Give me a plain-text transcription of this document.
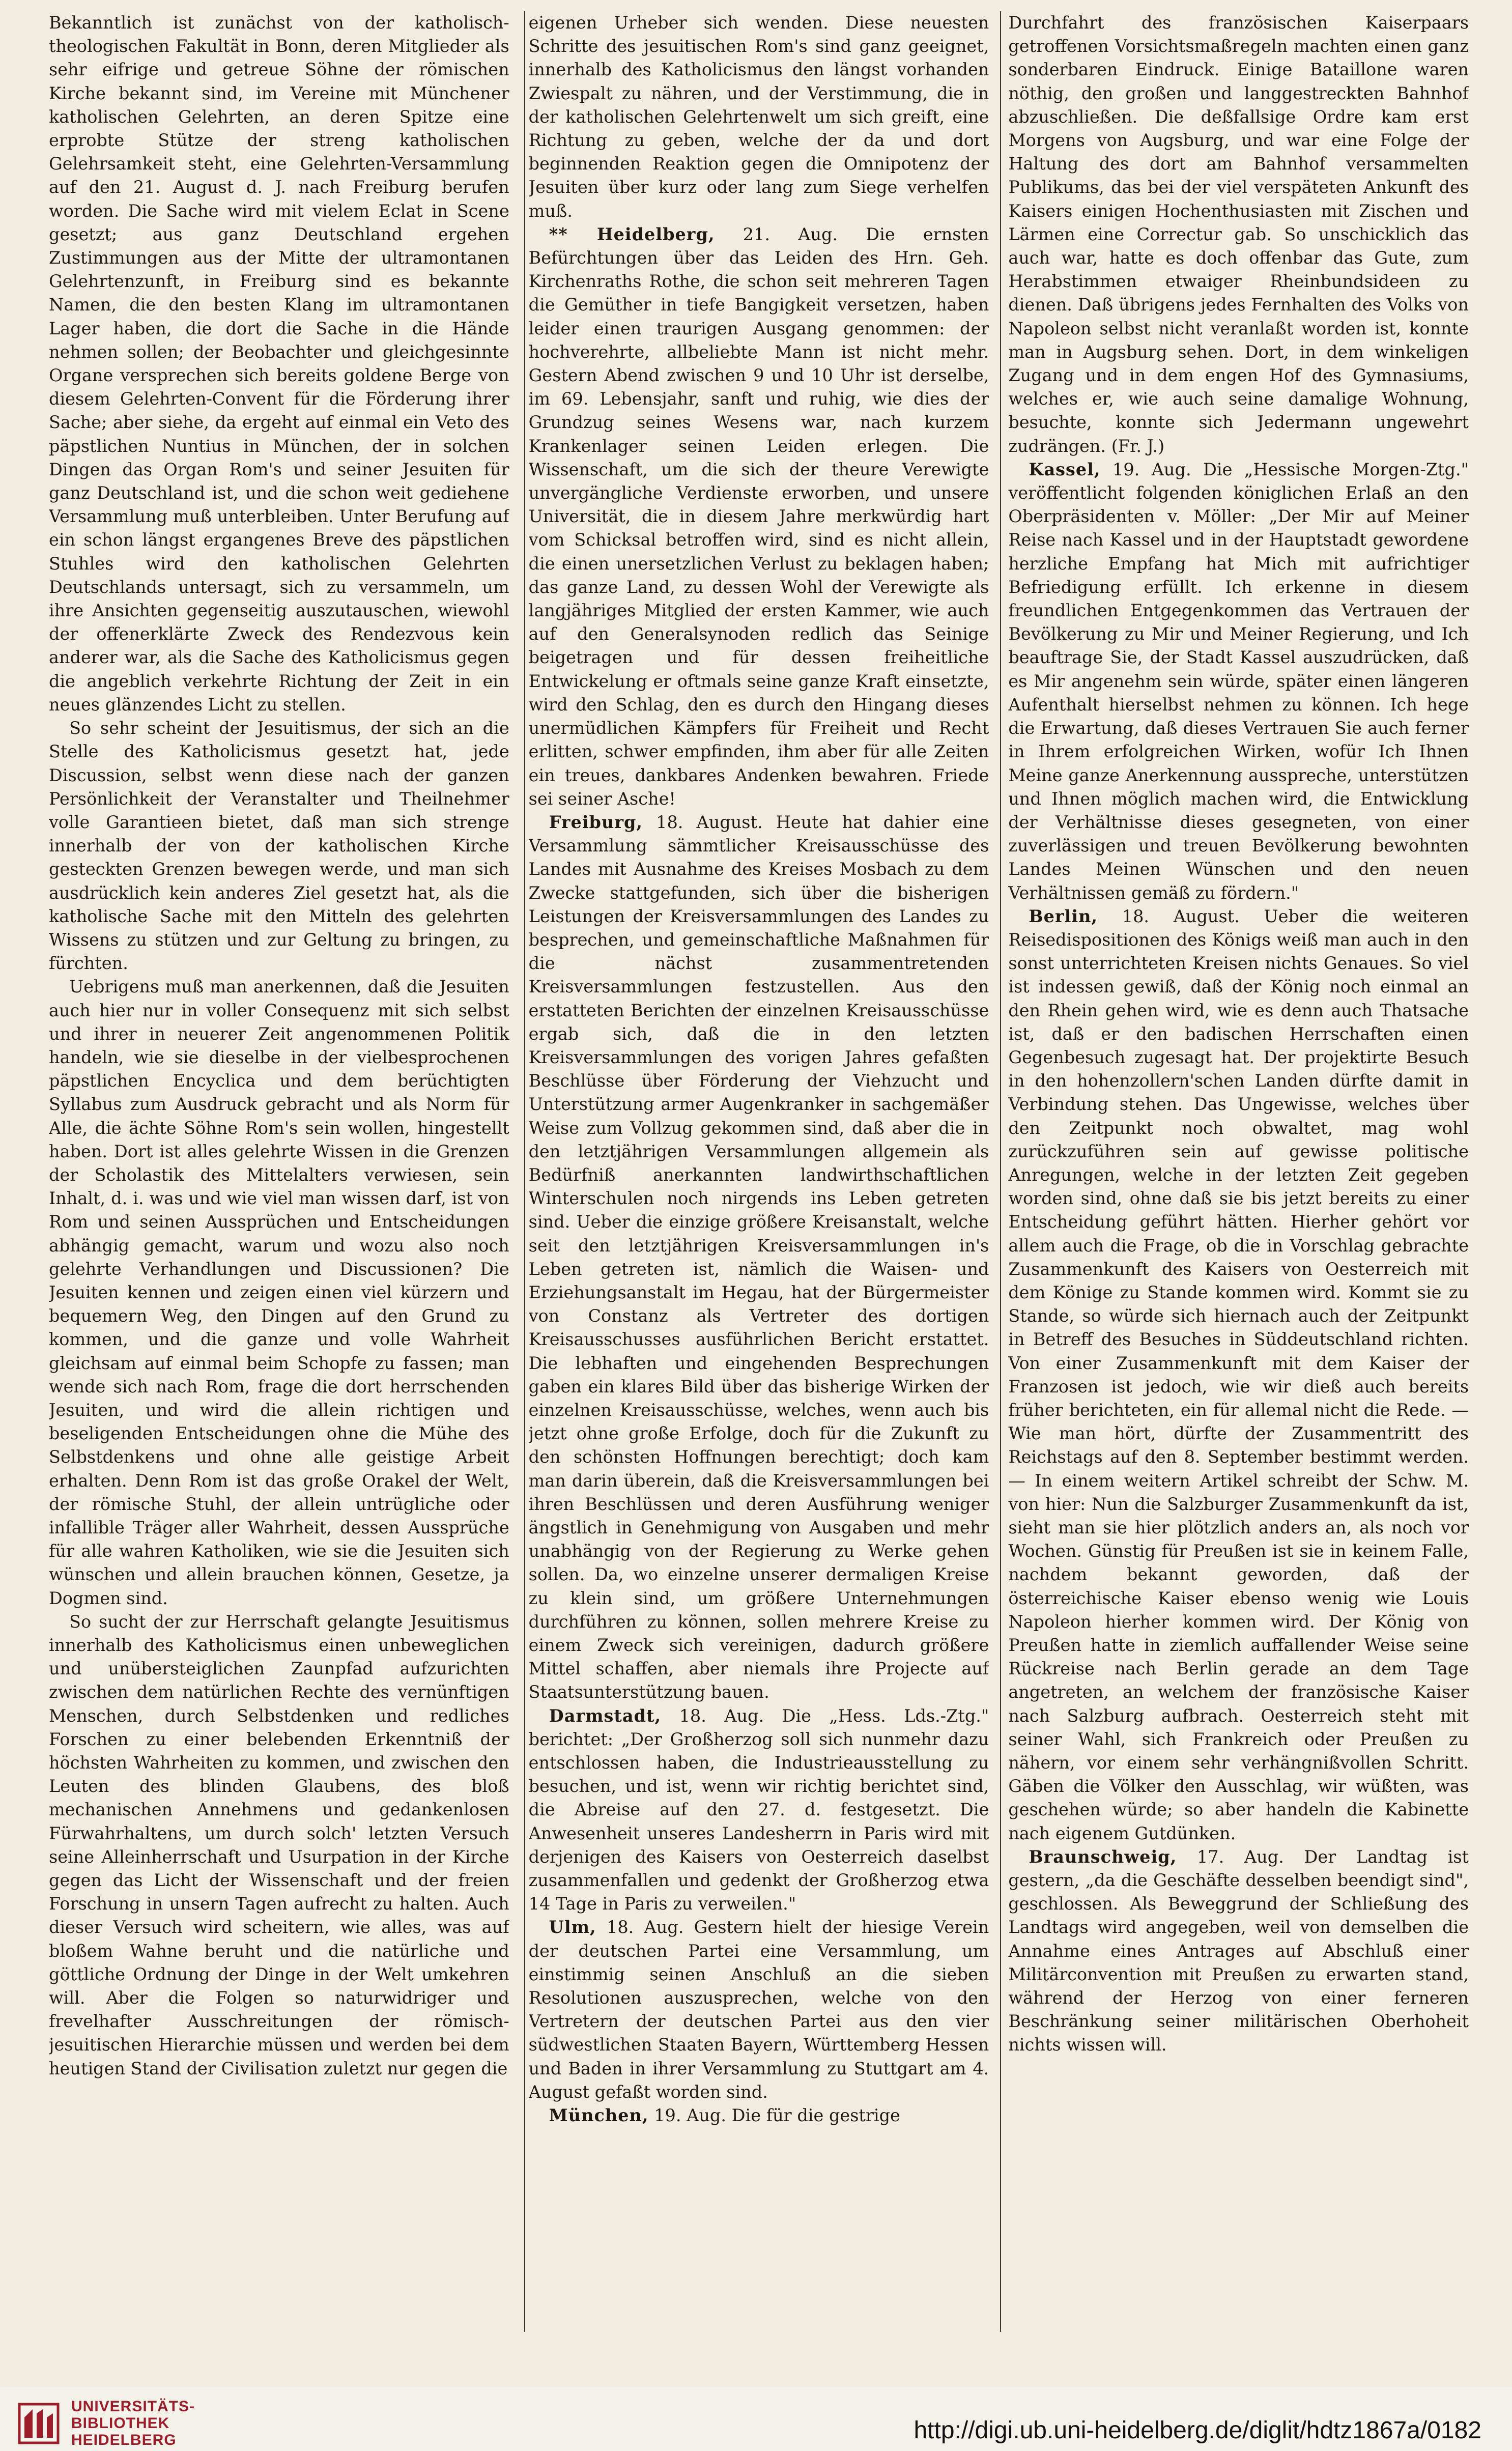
Bekanntlich ist zunächst von der katholisch-theologischen Fakultät in Bonn, deren Mitglieder als sehr eifrige und getreue Söhne der römischen Kirche bekannt sind, im Vereine mit Münchener katholischen Gelehrten, an deren Spitze eine erprobte Stütze der streng katholischen Gelehrsamkeit steht, eine Gelehrten-Versammlung auf den 21. August d. J. nach Freiburg berufen worden. Die Sache wird mit vielem Eclat in Scene gesetzt; aus ganz Deutschland ergehen Zustimmungen aus der Mitte der ultramontanen Gelehrtenzunft, in Freiburg sind es bekannte Namen, die den besten Klang im ultramontanen Lager haben, die dort die Sache in die Hände nehmen sollen; der Beobachter und gleichgesinnte Organe versprechen sich bereits goldene Berge von diesem Gelehrten-Convent für die Förderung ihrer Sache; aber siehe, da ergeht auf einmal ein Veto des päpstlichen Nuntius in München, der in solchen Dingen das Organ Rom's und seiner Jesuiten für ganz Deutschland ist, und die schon weit gediehene Versammlung muß unterbleiben. Unter Berufung auf ein schon längst ergangenes Breve des päpstlichen Stuhles wird den katholischen Gelehrten Deutschlands untersagt, sich zu versammeln, um ihre Ansichten gegenseitig auszutauschen, wiewohl der offenerklärte Zweck des Rendezvous kein anderer war, als die Sache des Katholicismus gegen die angeblich verkehrte Richtung der Zeit in ein neues glänzendes Licht zu stellen.

So sehr scheint der Jesuitismus, der sich an die Stelle des Katholicismus gesetzt hat, jede Discussion, selbst wenn diese nach der ganzen Persönlichkeit der Veranstalter und Theilnehmer volle Garantieen bietet, daß man sich strenge innerhalb der von der katholischen Kirche gesteckten Grenzen bewegen werde, und man sich ausdrücklich kein anderes Ziel gesetzt hat, als die katholische Sache mit den Mitteln des gelehrten Wissens zu stützen und zur Geltung zu bringen, zu fürchten.

Uebrigens muß man anerkennen, daß die Jesuiten auch hier nur in voller Consequenz mit sich selbst und ihrer in neuerer Zeit angenommenen Politik handeln, wie sie dieselbe in der vielbesprochenen päpstlichen Encyclica und dem berüchtigten Syllabus zum Ausdruck gebracht und als Norm für Alle, die ächte Söhne Rom's sein wollen, hingestellt haben. Dort ist alles gelehrte Wissen in die Grenzen der Scholastik des Mittelalters verwiesen, sein Inhalt, d. i. was und wie viel man wissen darf, ist von Rom und seinen Aussprüchen und Entscheidungen abhängig gemacht, warum und wozu also noch gelehrte Verhandlungen und Discussionen? Die Jesuiten kennen und zeigen einen viel kürzern und bequemern Weg, den Dingen auf den Grund zu kommen, und die ganze und volle Wahrheit gleichsam auf einmal beim Schopfe zu fassen; man wende sich nach Rom, frage die dort herrschenden Jesuiten, und wird die allein richtigen und beseligenden Entscheidungen ohne die Mühe des Selbstdenkens und ohne alle geistige Arbeit erhalten. Denn Rom ist das große Orakel der Welt, der römische Stuhl, der allein untrügliche oder infallible Träger aller Wahrheit, dessen Aussprüche für alle wahren Katholiken, wie sie die Jesuiten sich wünschen und allein brauchen können, Gesetze, ja Dogmen sind.

So sucht der zur Herrschaft gelangte Jesuitismus innerhalb des Katholicismus einen unbeweglichen und unübersteiglichen Zaunpfad aufzurichten zwischen dem natürlichen Rechte des vernünftigen Menschen, durch Selbstdenken und redliches Forschen zu einer belebenden Erkenntniß der höchsten Wahrheiten zu kommen, und zwischen den Leuten des blinden Glaubens, des bloß mechanischen Annehmens und gedankenlosen Fürwahrhaltens, um durch solch' letzten Versuch seine Alleinherrschaft und Usurpation in der Kirche gegen das Licht der Wissenschaft und der freien Forschung in unsern Tagen aufrecht zu halten. Auch dieser Versuch wird scheitern, wie alles, was auf bloßem Wahne beruht und die natürliche und göttliche Ordnung der Dinge in der Welt umkehren will. Aber die Folgen so naturwidriger und frevelhafter Ausschreitungen der römisch-jesuitischen Hierarchie müssen und werden bei dem heutigen Stand der Civilisation zuletzt nur gegen die

eigenen Urheber sich wenden. Diese neuesten Schritte des jesuitischen Rom's sind ganz geeignet, innerhalb des Katholicismus den längst vorhanden Zwiespalt zu nähren, und der Verstimmung, die in der katholischen Gelehrtenwelt um sich greift, eine Richtung zu geben, welche der da und dort beginnenden Reaktion gegen die Omnipotenz der Jesuiten über kurz oder lang zum Siege verhelfen muß.

** Heidelberg, 21. Aug. Die ernsten Befürchtungen über das Leiden des Hrn. Geh. Kirchenraths Rothe, die schon seit mehreren Tagen die Gemüther in tiefe Bangigkeit versetzen, haben leider einen traurigen Ausgang genommen: der hochverehrte, allbeliebte Mann ist nicht mehr. Gestern Abend zwischen 9 und 10 Uhr ist derselbe, im 69. Lebensjahr, sanft und ruhig, wie dies der Grundzug seines Wesens war, nach kurzem Krankenlager seinen Leiden erlegen. Die Wissenschaft, um die sich der theure Verewigte unvergängliche Verdienste erworben, und unsere Universität, die in diesem Jahre merkwürdig hart vom Schicksal betroffen wird, sind es nicht allein, die einen unersetzlichen Verlust zu beklagen haben; das ganze Land, zu dessen Wohl der Verewigte als langjähriges Mitglied der ersten Kammer, wie auch auf den Generalsynoden redlich das Seinige beigetragen und für dessen freiheitliche Entwickelung er oftmals seine ganze Kraft einsetzte, wird den Schlag, den es durch den Hingang dieses unermüdlichen Kämpfers für Freiheit und Recht erlitten, schwer empfinden, ihm aber für alle Zeiten ein treues, dankbares Andenken bewahren. Friede sei seiner Asche!

Freiburg, 18. August. Heute hat dahier eine Versammlung sämmtlicher Kreisausschüsse des Landes mit Ausnahme des Kreises Mosbach zu dem Zwecke stattgefunden, sich über die bisherigen Leistungen der Kreisversammlungen des Landes zu besprechen, und gemeinschaftliche Maßnahmen für die nächst zusammentretenden Kreisversammlungen festzustellen. Aus den erstatteten Berichten der einzelnen Kreisausschüsse ergab sich, daß die in den letzten Kreisversammlungen des vorigen Jahres gefaßten Beschlüsse über Förderung der Viehzucht und Unterstützung armer Augenkranker in sachgemäßer Weise zum Vollzug gekommen sind, daß aber die in den letztjährigen Versammlungen allgemein als Bedürfniß anerkannten landwirthschaftlichen Winterschulen noch nirgends ins Leben getreten sind. Ueber die einzige größere Kreisanstalt, welche seit den letztjährigen Kreisversammlungen in's Leben getreten ist, nämlich die Waisen- und Erziehungsanstalt im Hegau, hat der Bürgermeister von Constanz als Vertreter des dortigen Kreisausschusses ausführlichen Bericht erstattet. Die lebhaften und eingehenden Besprechungen gaben ein klares Bild über das bisherige Wirken der einzelnen Kreisausschüsse, welches, wenn auch bis jetzt ohne große Erfolge, doch für die Zukunft zu den schönsten Hoffnungen berechtigt; doch kam man darin überein, daß die Kreisversammlungen bei ihren Beschlüssen und deren Ausführung weniger ängstlich in Genehmigung von Ausgaben und mehr unabhängig von der Regierung zu Werke gehen sollen. Da, wo einzelne unserer dermaligen Kreise zu klein sind, um größere Unternehmungen durchführen zu können, sollen mehrere Kreise zu einem Zweck sich vereinigen, dadurch größere Mittel schaffen, aber niemals ihre Projecte auf Staatsunterstützung bauen.

Darmstadt, 18. Aug. Die „Hess. Lds.-Ztg." berichtet: „Der Großherzog soll sich nunmehr dazu entschlossen haben, die Industrieausstellung zu besuchen, und ist, wenn wir richtig berichtet sind, die Abreise auf den 27. d. festgesetzt. Die Anwesenheit unseres Landesherrn in Paris wird mit derjenigen des Kaisers von Oesterreich daselbst zusammenfallen und gedenkt der Großherzog etwa 14 Tage in Paris zu verweilen."

Ulm, 18. Aug. Gestern hielt der hiesige Verein der deutschen Partei eine Versammlung, um einstimmig seinen Anschluß an die sieben Resolutionen auszusprechen, welche von den Vertretern der deutschen Partei aus den vier südwestlichen Staaten Bayern, Württemberg Hessen und Baden in ihrer Versammlung zu Stuttgart am 4. August gefaßt worden sind.

München, 19. Aug. Die für die gestrige

Durchfahrt des französischen Kaiserpaars getroffenen Vorsichtsmaßregeln machten einen ganz sonderbaren Eindruck. Einige Bataillone waren nöthig, den großen und langgestreckten Bahnhof abzuschließen. Die deßfallsige Ordre kam erst Morgens von Augsburg, und war eine Folge der Haltung des dort am Bahnhof versammelten Publikums, das bei der viel verspäteten Ankunft des Kaisers einigen Hochenthusiasten mit Zischen und Lärmen eine Correctur gab. So unschicklich das auch war, hatte es doch offenbar das Gute, zum Herabstimmen etwaiger Rheinbundsideen zu dienen. Daß übrigens jedes Fernhalten des Volks von Napoleon selbst nicht veranlaßt worden ist, konnte man in Augsburg sehen. Dort, in dem winkeligen Zugang und in dem engen Hof des Gymnasiums, welches er, wie auch seine damalige Wohnung, besuchte, konnte sich Jedermann ungewehrt zudrängen. (Fr. J.)

Kassel, 19. Aug. Die „Hessische Morgen-Ztg." veröffentlicht folgenden königlichen Erlaß an den Oberpräsidenten v. Möller: „Der Mir auf Meiner Reise nach Kassel und in der Hauptstadt gewordene herzliche Empfang hat Mich mit aufrichtiger Befriedigung erfüllt. Ich erkenne in diesem freundlichen Entgegenkommen das Vertrauen der Bevölkerung zu Mir und Meiner Regierung, und Ich beauftrage Sie, der Stadt Kassel auszudrücken, daß es Mir angenehm sein würde, später einen längeren Aufenthalt hierselbst nehmen zu können. Ich hege die Erwartung, daß dieses Vertrauen Sie auch ferner in Ihrem erfolgreichen Wirken, wofür Ich Ihnen Meine ganze Anerkennung ausspreche, unterstützen und Ihnen möglich machen wird, die Entwicklung der Verhältnisse dieses gesegneten, von einer zuverlässigen und treuen Bevölkerung bewohnten Landes Meinen Wünschen und den neuen Verhältnissen gemäß zu fördern."

Berlin, 18. August. Ueber die weiteren Reisedispositionen des Königs weiß man auch in den sonst unterrichteten Kreisen nichts Genaues. So viel ist indessen gewiß, daß der König noch einmal an den Rhein gehen wird, wie es denn auch Thatsache ist, daß er den badischen Herrschaften einen Gegenbesuch zugesagt hat. Der projektirte Besuch in den hohenzollern'schen Landen dürfte damit in Verbindung stehen. Das Ungewisse, welches über den Zeitpunkt noch obwaltet, mag wohl zurückzuführen sein auf gewisse politische Anregungen, welche in der letzten Zeit gegeben worden sind, ohne daß sie bis jetzt bereits zu einer Entscheidung geführt hätten. Hierher gehört vor allem auch die Frage, ob die in Vorschlag gebrachte Zusammenkunft des Kaisers von Oesterreich mit dem Könige zu Stande kommen wird. Kommt sie zu Stande, so würde sich hiernach auch der Zeitpunkt in Betreff des Besuches in Süddeutschland richten. Von einer Zusammenkunft mit dem Kaiser der Franzosen ist jedoch, wie wir dieß auch bereits früher berichteten, ein für allemal nicht die Rede. — Wie man hört, dürfte der Zusammentritt des Reichstags auf den 8. September bestimmt werden. — In einem weitern Artikel schreibt der Schw. M. von hier: Nun die Salzburger Zusammenkunft da ist, sieht man sie hier plötzlich anders an, als noch vor Wochen. Günstig für Preußen ist sie in keinem Falle, nachdem bekannt geworden, daß der österreichische Kaiser ebenso wenig wie Louis Napoleon hierher kommen wird. Der König von Preußen hatte in ziemlich auffallender Weise seine Rückreise nach Berlin gerade an dem Tage angetreten, an welchem der französische Kaiser nach Salzburg aufbrach. Oesterreich steht mit seiner Wahl, sich Frankreich oder Preußen zu nähern, vor einem sehr verhängnißvollen Schritt. Gäben die Völker den Ausschlag, wir wüßten, was geschehen würde; so aber handeln die Kabinette nach eigenem Gutdünken.

Braunschweig, 17. Aug. Der Landtag ist gestern, „da die Geschäfte desselben beendigt sind", geschlossen. Als Beweggrund der Schließung des Landtags wird angegeben, weil von demselben die Annahme eines Antrages auf Abschluß einer Militärconvention mit Preußen zu erwarten stand, während der Herzog von einer ferneren Beschränkung seiner militärischen Oberhoheit nichts wissen will.

UNIVERSITÄTS-
BIBLIOTHEK
HEIDELBERG	http://digi.ub.uni-heidelberg.de/diglit/hdtz1867a/0182
